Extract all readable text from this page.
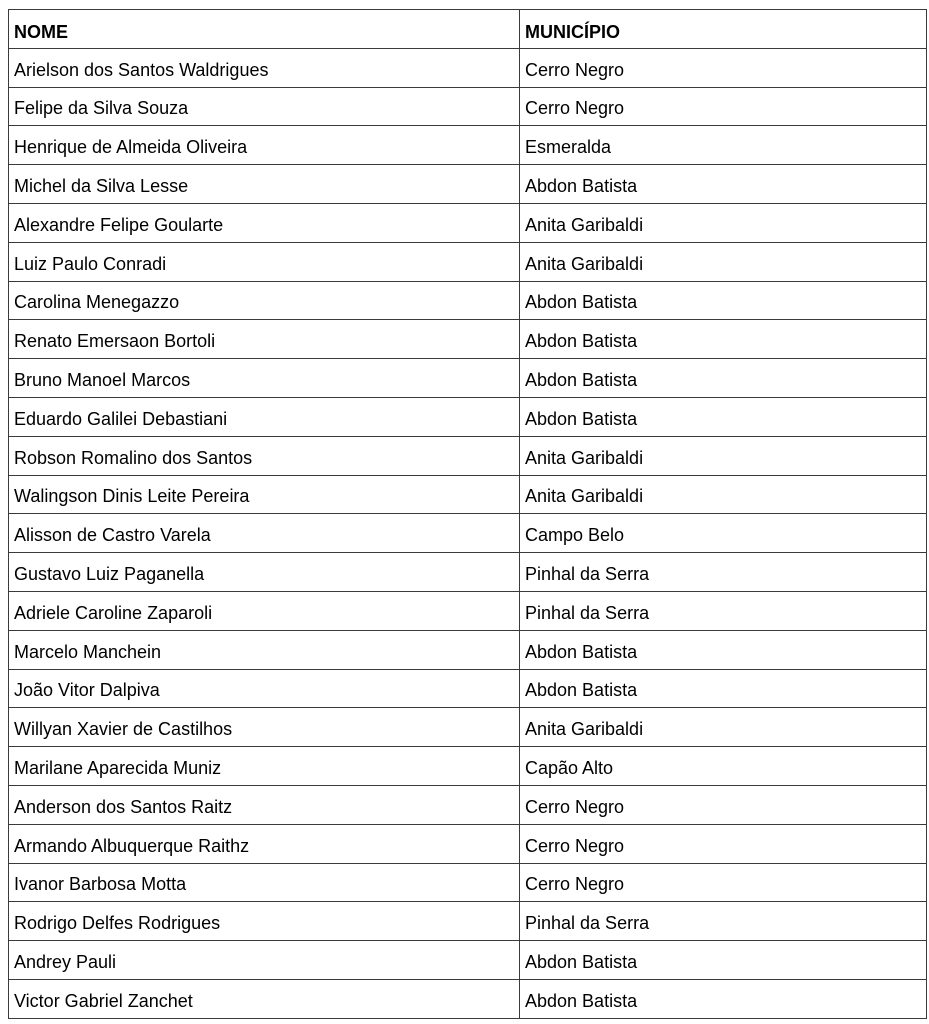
NOME	MUNICÍPIO
Arielson dos Santos Waldrigues	Cerro Negro
Felipe da Silva Souza	Cerro Negro
Henrique de Almeida Oliveira	Esmeralda
Michel da Silva Lesse	Abdon Batista
Alexandre Felipe Goularte	Anita Garibaldi
Luiz Paulo Conradi	Anita Garibaldi
Carolina Menegazzo	Abdon Batista
Renato Emersaon Bortoli	Abdon Batista
Bruno Manoel Marcos	Abdon Batista
Eduardo Galilei Debastiani	Abdon Batista
Robson Romalino dos Santos	Anita Garibaldi
Walingson Dinis Leite Pereira	Anita Garibaldi
Alisson de Castro Varela	Campo Belo
Gustavo Luiz Paganella	Pinhal da Serra
Adriele Caroline Zaparoli	Pinhal da Serra
Marcelo Manchein	Abdon Batista
João Vitor Dalpiva	Abdon Batista
Willyan Xavier de Castilhos	Anita Garibaldi
Marilane Aparecida Muniz	Capão Alto
Anderson dos Santos Raitz	Cerro Negro
Armando Albuquerque Raithz	Cerro Negro
Ivanor Barbosa Motta	Cerro Negro
Rodrigo Delfes Rodrigues	Pinhal da Serra
Andrey Pauli	Abdon Batista
Victor Gabriel Zanchet	Abdon Batista
